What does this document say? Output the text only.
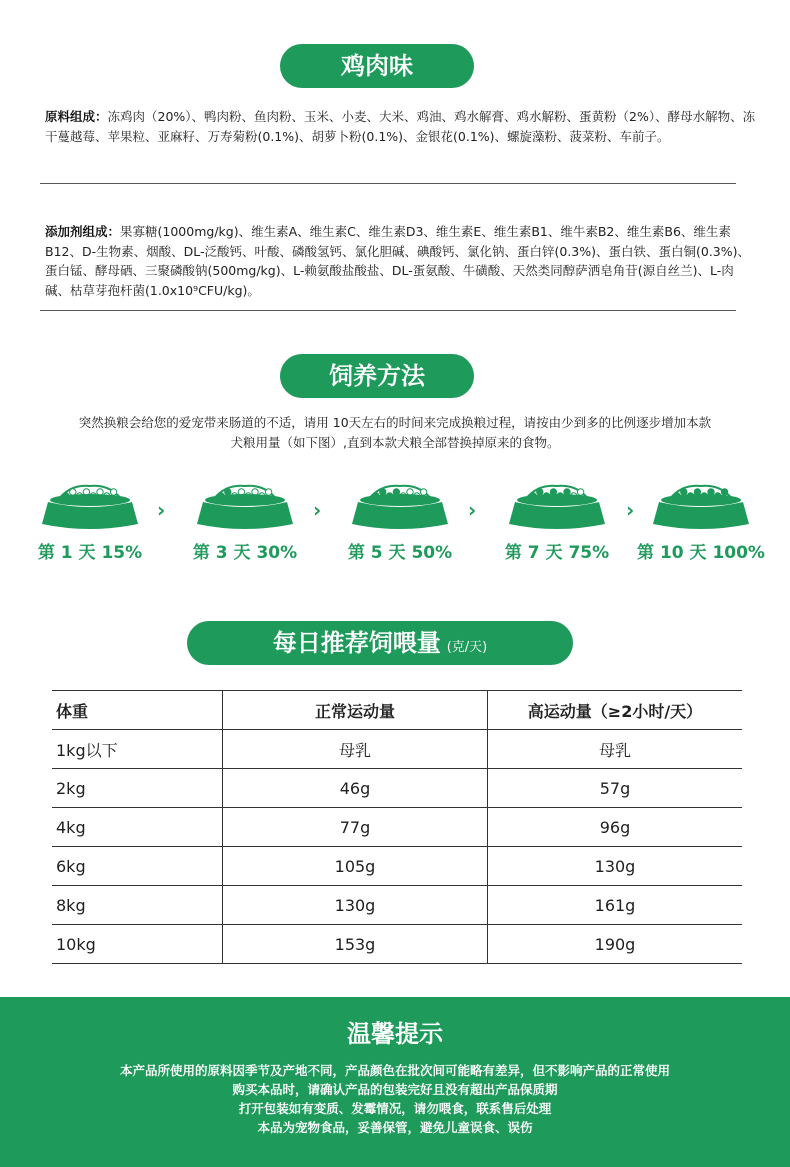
鸡肉味
原料组成：冻鸡肉（20%）、鸭肉粉、鱼肉粉、玉米、小麦、大米、鸡油、鸡水解膏、鸡水解粉、蛋黄粉（2%）、酵母水解物、冻干蔓越莓、苹果粒、亚麻籽、万寿菊粉(0.1%)、胡萝卜粉(0.1%)、金银花(0.1%)、螺旋藻粉、菠菜粉、车前子。
添加剂组成：果寡糖(1000mg/kg)、维生素A、维生素C、维生素D3、维生素E、维生素B1、维牛素B2、维生素B6、维生素B12、D-生物素、烟酸、DL-泛酸钙、叶酸、磷酸氢钙、氯化胆碱、碘酸钙、氯化钠、蛋白锌(0.3%)、蛋白铁、蛋白铜(0.3%)、蛋白锰、酵母硒、三聚磷酸钠(500mg/kg)、L-赖氨酸盐酸盐、DL-蛋氨酸、牛磺酸、天然类同醇萨洒皂角苷(源自丝兰)、L-肉碱、枯草芽孢杆菌(1.0x10⁹CFU/kg)。
饲养方法
突然换粮会给您的爱宠带来肠道的不适，请用 10天左右的时间来完成换粮过程，请按由少到多的比例逐步增加本款
犬粮用量（如下图）,直到本款犬粮全部替换掉原来的食物。
第 1 天 15%	第 3 天 30%	第 5 天 50%	第 7 天 75%	第 10 天 100%
›	›	›	›
每日推荐饲喂量 (克/天)
体重	正常运动量	高运动量（≥2小时/天）
1kg以下	母乳	母乳
2kg	46g	57g
4kg	77g	96g
6kg	105g	130g
8kg	130g	161g
10kg	153g	190g
温馨提示
本产品所使用的原料因季节及产地不同，产品颜色在批次间可能略有差异，但不影响产品的正常使用
购买本品时，请确认产品的包装完好且没有超出产品保质期
打开包装如有变质、发霉情况，请勿喂食，联系售后处理
本品为宠物食品，妥善保管，避免儿童误食、误伤
